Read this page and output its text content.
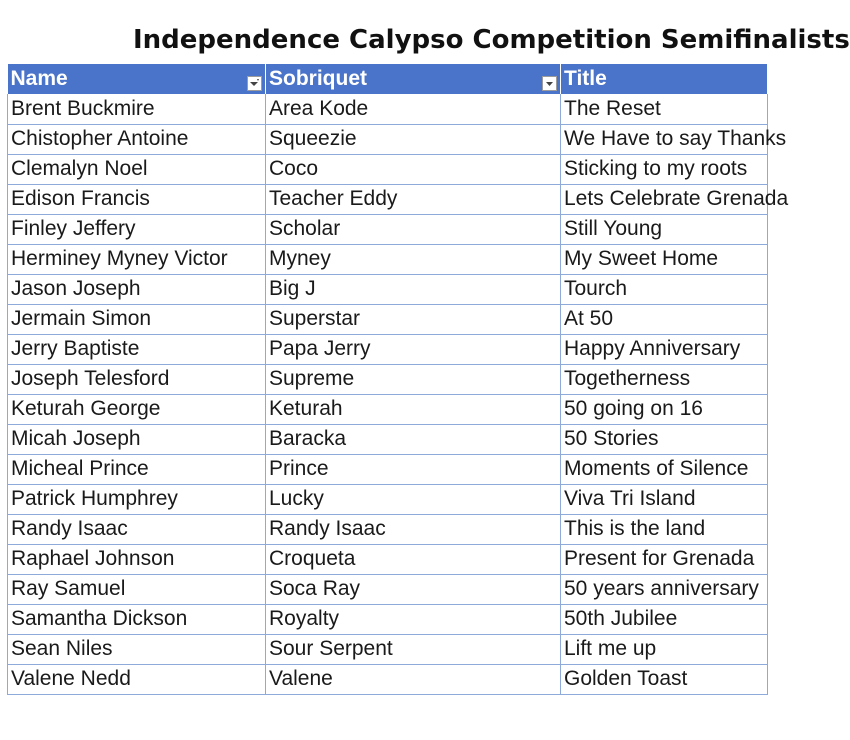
Independence Calypso Competition Semifinalists
Name	Sobriquet	Title
Brent Buckmire	Area Kode	The Reset
Chistopher Antoine	Squeezie	We Have to say Thanks
Clemalyn Noel	Coco	Sticking to my roots
Edison Francis	Teacher Eddy	Lets Celebrate Grenada
Finley Jeffery	Scholar	Still Young
Herminey Myney Victor	Myney	My Sweet Home
Jason Joseph	Big J	Tourch
Jermain Simon	Superstar	At 50
Jerry Baptiste	Papa Jerry	Happy Anniversary
Joseph Telesford	Supreme	Togetherness
Keturah George	Keturah	50 going on 16
Micah Joseph	Baracka	50 Stories
Micheal Prince	Prince	Moments of Silence
Patrick Humphrey	Lucky	Viva Tri Island
Randy Isaac	Randy Isaac	This is the land
Raphael Johnson	Croqueta	Present for Grenada
Ray Samuel	Soca Ray	50 years anniversary
Samantha Dickson	Royalty	50th Jubilee
Sean Niles	Sour Serpent	Lift me up
Valene Nedd	Valene	Golden Toast
